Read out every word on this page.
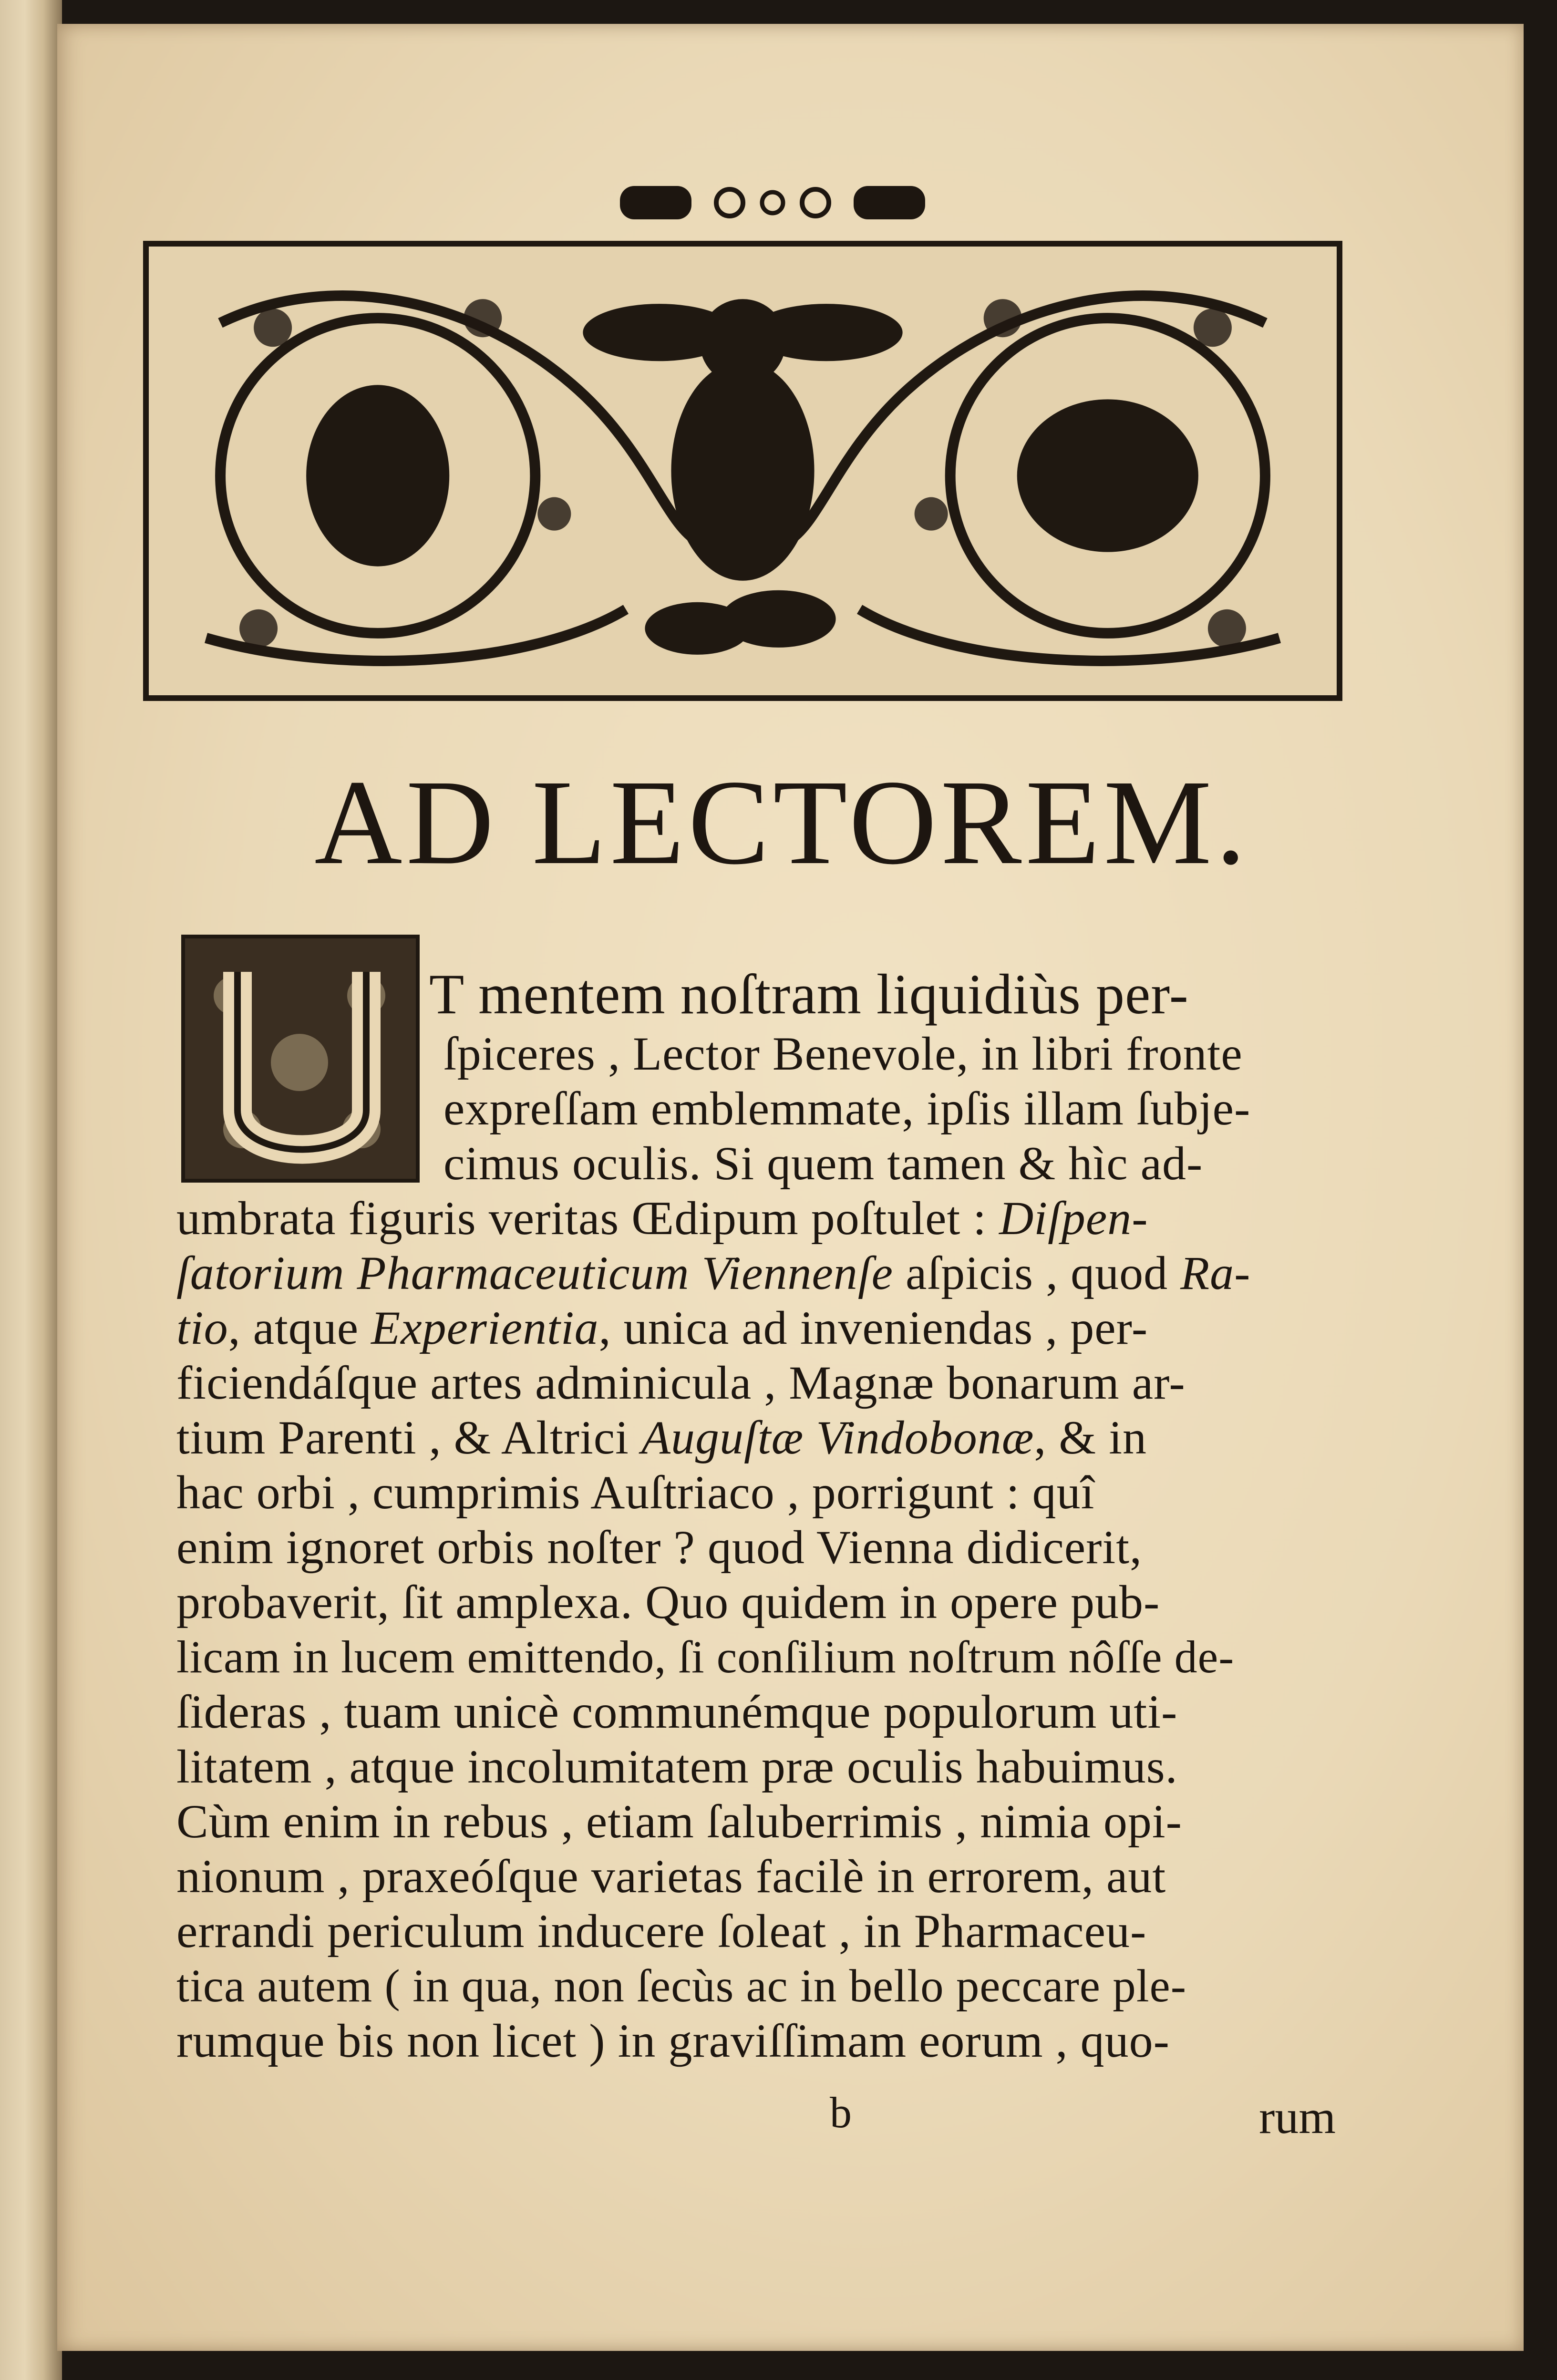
AD LECTOREM.
T mentem noſtram liquidiùs per-
ſpiceres , Lector Benevole, in libri fronte
expreſſam emblemmate, ipſis illam ſubje-
cimus oculis. Si quem tamen & hìc ad-
umbrata figuris veritas Œdipum poſtulet : Diſpen-
ſatorium Pharmaceuticum Viennenſe aſpicis , quod Ra-
tio, atque Experientia, unica ad inveniendas , per-
ficiendáſque artes adminicula , Magnæ bonarum ar-
tium Parenti , & Altrici Auguſtæ Vindobonæ, & in
hac orbi , cumprimis Auſtriaco , porrigunt : quî
enim ignoret orbis noſter ? quod Vienna didicerit,
probaverit, ſit amplexa. Quo quidem in opere pub-
licam in lucem emittendo, ſi conſilium noſtrum nôſſe de-
ſideras , tuam unicè communémque populorum uti-
litatem , atque incolumitatem præ oculis habuimus.
Cùm enim in rebus , etiam ſaluberrimis , nimia opi-
nionum , praxeóſque varietas facilè in errorem, aut
errandi periculum inducere ſoleat , in Pharmaceu-
tica autem ( in qua, non ſecùs ac in bello peccare ple-
rumque bis non licet ) in graviſſimam eorum , quo-
b	rum
